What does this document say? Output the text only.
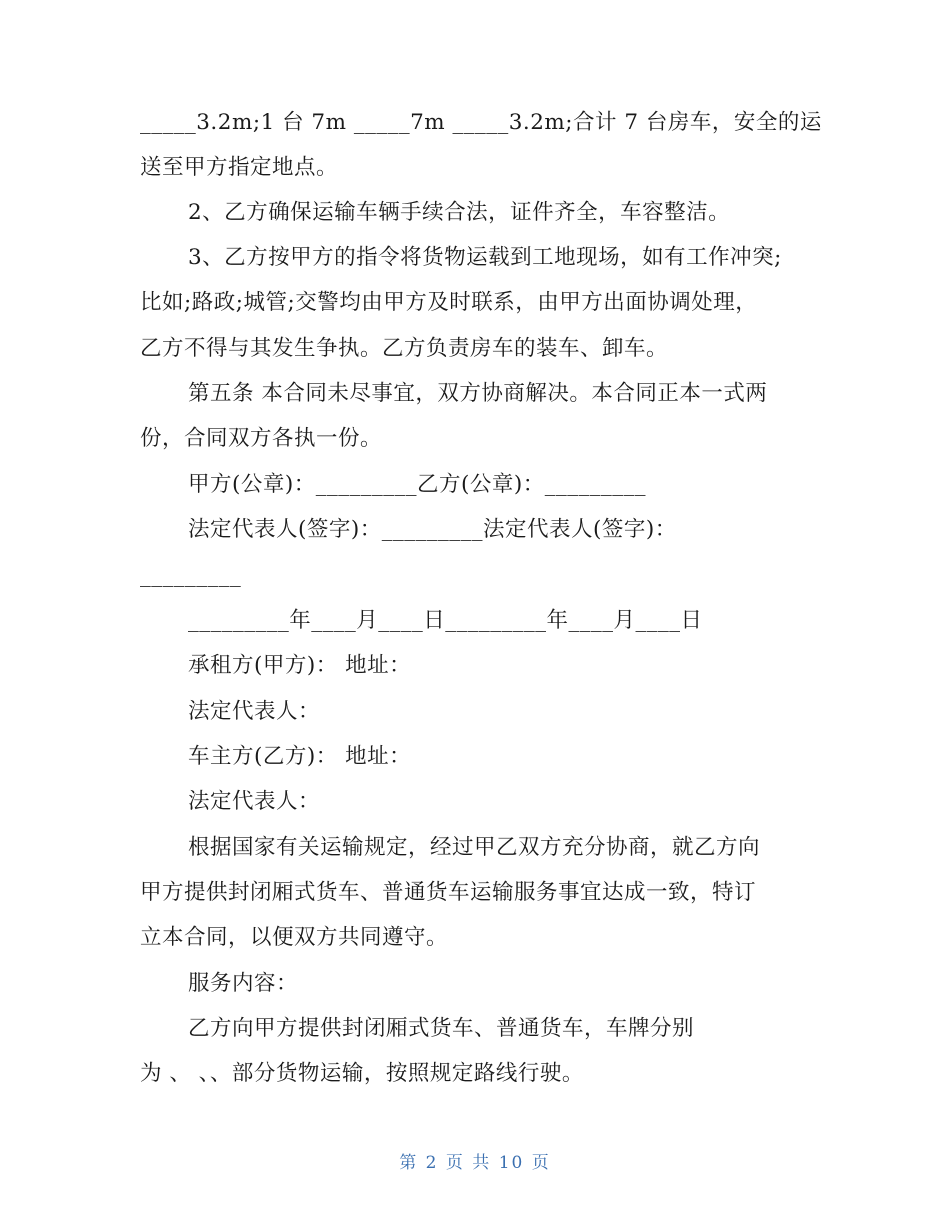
_____3.2m;1 台 7m _____7m _____3.2m;合计 7 台房车，安全的运
送至甲方指定地点。
2、乙方确保运输车辆手续合法，证件齐全，车容整洁。
3、乙方按甲方的指令将货物运载到工地现场，如有工作冲突;
比如;路政;城管;交警均由甲方及时联系，由甲方出面协调处理，
乙方不得与其发生争执。乙方负责房车的装车、卸车。
第五条 本合同未尽事宜，双方协商解决。本合同正本一式两
份，合同双方各执一份。
甲方(公章)：_________乙方(公章)：_________
法定代表人(签字)：_________法定代表人(签字)：
_________
_________年____月____日_________年____月____日
承租方(甲方)： 地址：
法定代表人：
车主方(乙方)： 地址：
法定代表人：
根据国家有关运输规定，经过甲乙双方充分协商，就乙方向
甲方提供封闭厢式货车、普通货车运输服务事宜达成一致，特订
立本合同，以便双方共同遵守。
服务内容：
乙方向甲方提供封闭厢式货车、普通货车，车牌分别
为 、 、、部分货物运输，按照规定路线行驶。
第 2 页 共 10 页
